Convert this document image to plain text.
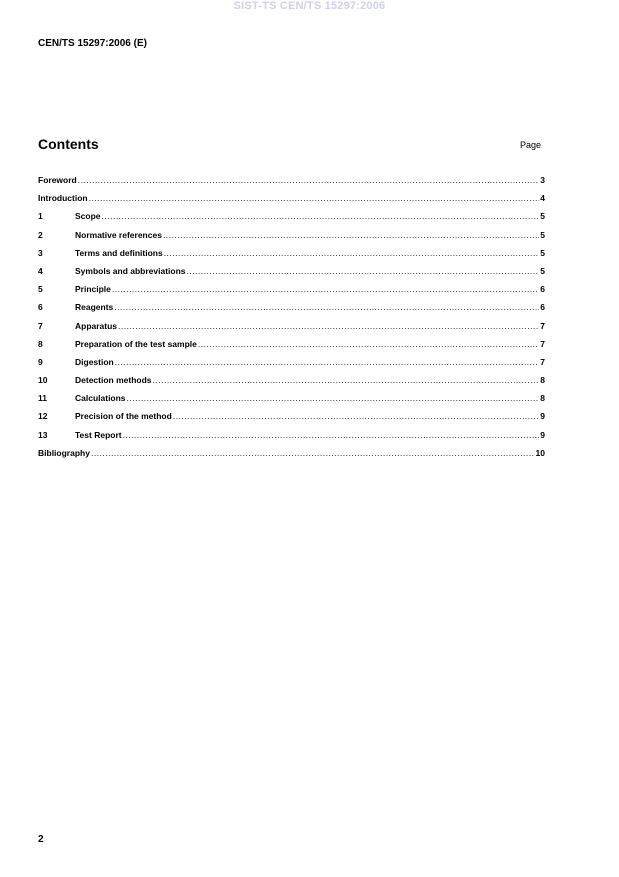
SIST-TS CEN/TS 15297:2006
CEN/TS 15297:2006 (E)
Contents	Page
Foreword .....	3
Introduction .....	4
1	Scope .....	5
2	Normative references .....	5
3	Terms and definitions .....	5
4	Symbols and abbreviations .....	5
5	Principle .....	6
6	Reagents .....	6
7	Apparatus .....	7
8	Preparation of the test sample .....	7
9	Digestion .....	7
10	Detection methods .....	8
11	Calculations .....	8
12	Precision of the method .....	9
13	Test Report .....	9
Bibliography .....	10
2
